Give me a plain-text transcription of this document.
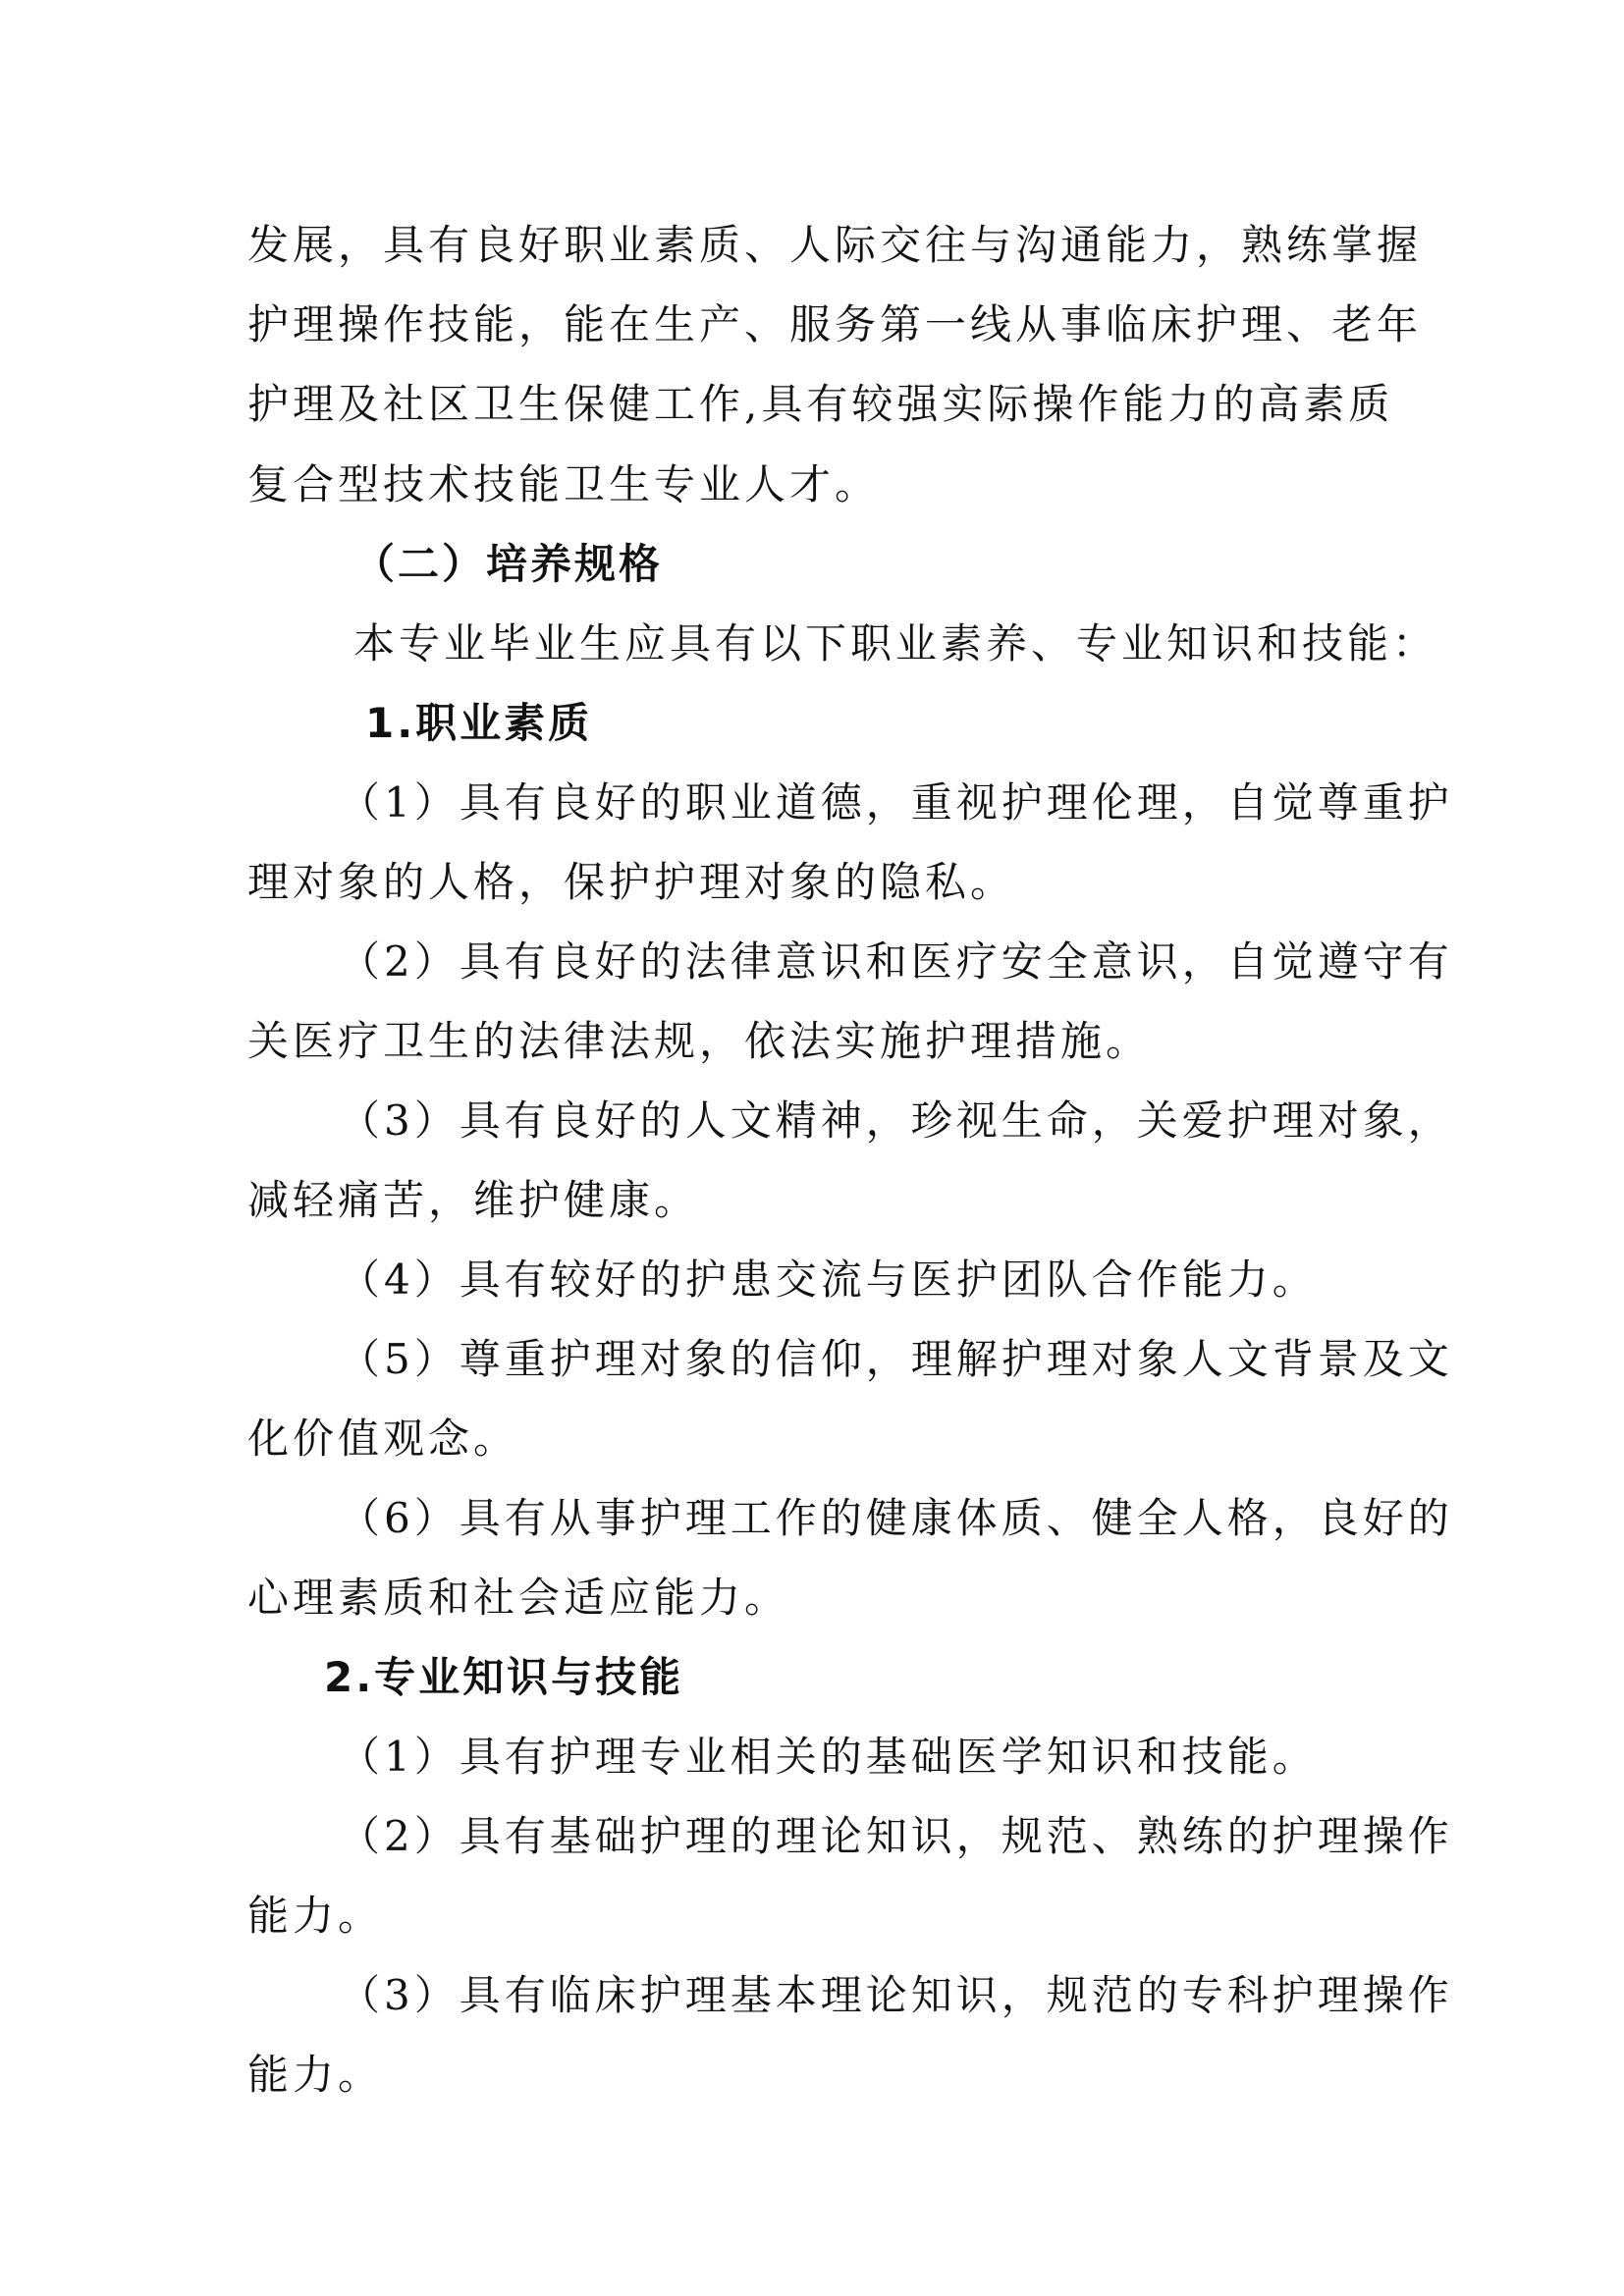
发展，具有良好职业素质、人际交往与沟通能力，熟练掌握
护理操作技能，能在生产、服务第一线从事临床护理、老年
护理及社区卫生保健工作,具有较强实际操作能力的高素质
复合型技术技能卫生专业人才。
（二）培养规格
本专业毕业生应具有以下职业素养、专业知识和技能：
1.职业素质
（1）具有良好的职业道德，重视护理伦理，自觉尊重护
理对象的人格，保护护理对象的隐私。
（2）具有良好的法律意识和医疗安全意识，自觉遵守有
关医疗卫生的法律法规，依法实施护理措施。
（3）具有良好的人文精神，珍视生命，关爱护理对象，
减轻痛苦，维护健康。
（4）具有较好的护患交流与医护团队合作能力。
（5）尊重护理对象的信仰，理解护理对象人文背景及文
化价值观念。
（6）具有从事护理工作的健康体质、健全人格，良好的
心理素质和社会适应能力。
2.专业知识与技能
（1）具有护理专业相关的基础医学知识和技能。
（2）具有基础护理的理论知识，规范、熟练的护理操作
能力。
（3）具有临床护理基本理论知识，规范的专科护理操作
能力。
